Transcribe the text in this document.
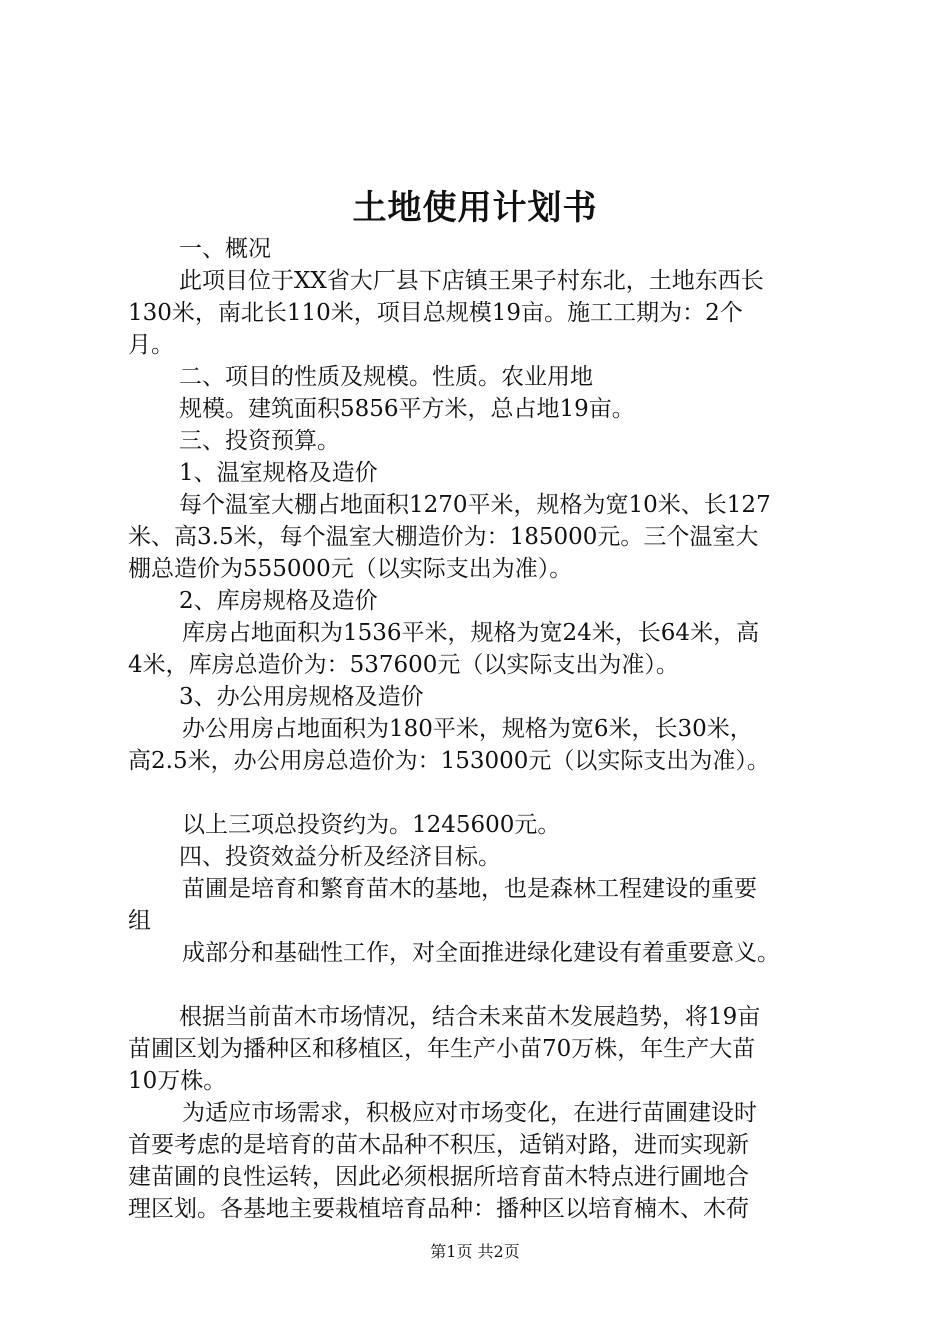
土地使用计划书

一、概况

此项目位于XX省大厂县下店镇王果子村东北，土地东西长

130米，南北长110米，项目总规模19亩。施工工期为：2个

月。

二、项目的性质及规模。性质。农业用地

规模。建筑面积5856平方米，总占地19亩。

三、投资预算。

1、温室规格及造价

每个温室大棚占地面积1270平米，规格为宽10米、长127

米、高3.5米，每个温室大棚造价为：185000元。三个温室大

棚总造价为555000元（以实际支出为准）。

2、库房规格及造价

库房占地面积为1536平米，规格为宽24米，长64米，高

4米，库房总造价为：537600元（以实际支出为准）。

3、办公用房规格及造价

办公用房占地面积为180平米，规格为宽6米，长30米，

高2.5米，办公用房总造价为：153000元（以实际支出为准）。

以上三项总投资约为。1245600元。

四、投资效益分析及经济目标。

苗圃是培育和繁育苗木的基地，也是森林工程建设的重要

组

成部分和基础性工作，对全面推进绿化建设有着重要意义。

根据当前苗木市场情况，结合未来苗木发展趋势，将19亩

苗圃区划为播种区和移植区，年生产小苗70万株，年生产大苗

10万株。

为适应市场需求，积极应对市场变化，在进行苗圃建设时

首要考虑的是培育的苗木品种不积压，适销对路，进而实现新

建苗圃的良性运转，因此必须根据所培育苗木特点进行圃地合

理区划。各基地主要栽植培育品种：播种区以培育楠木、木荷

第1页 共2页
